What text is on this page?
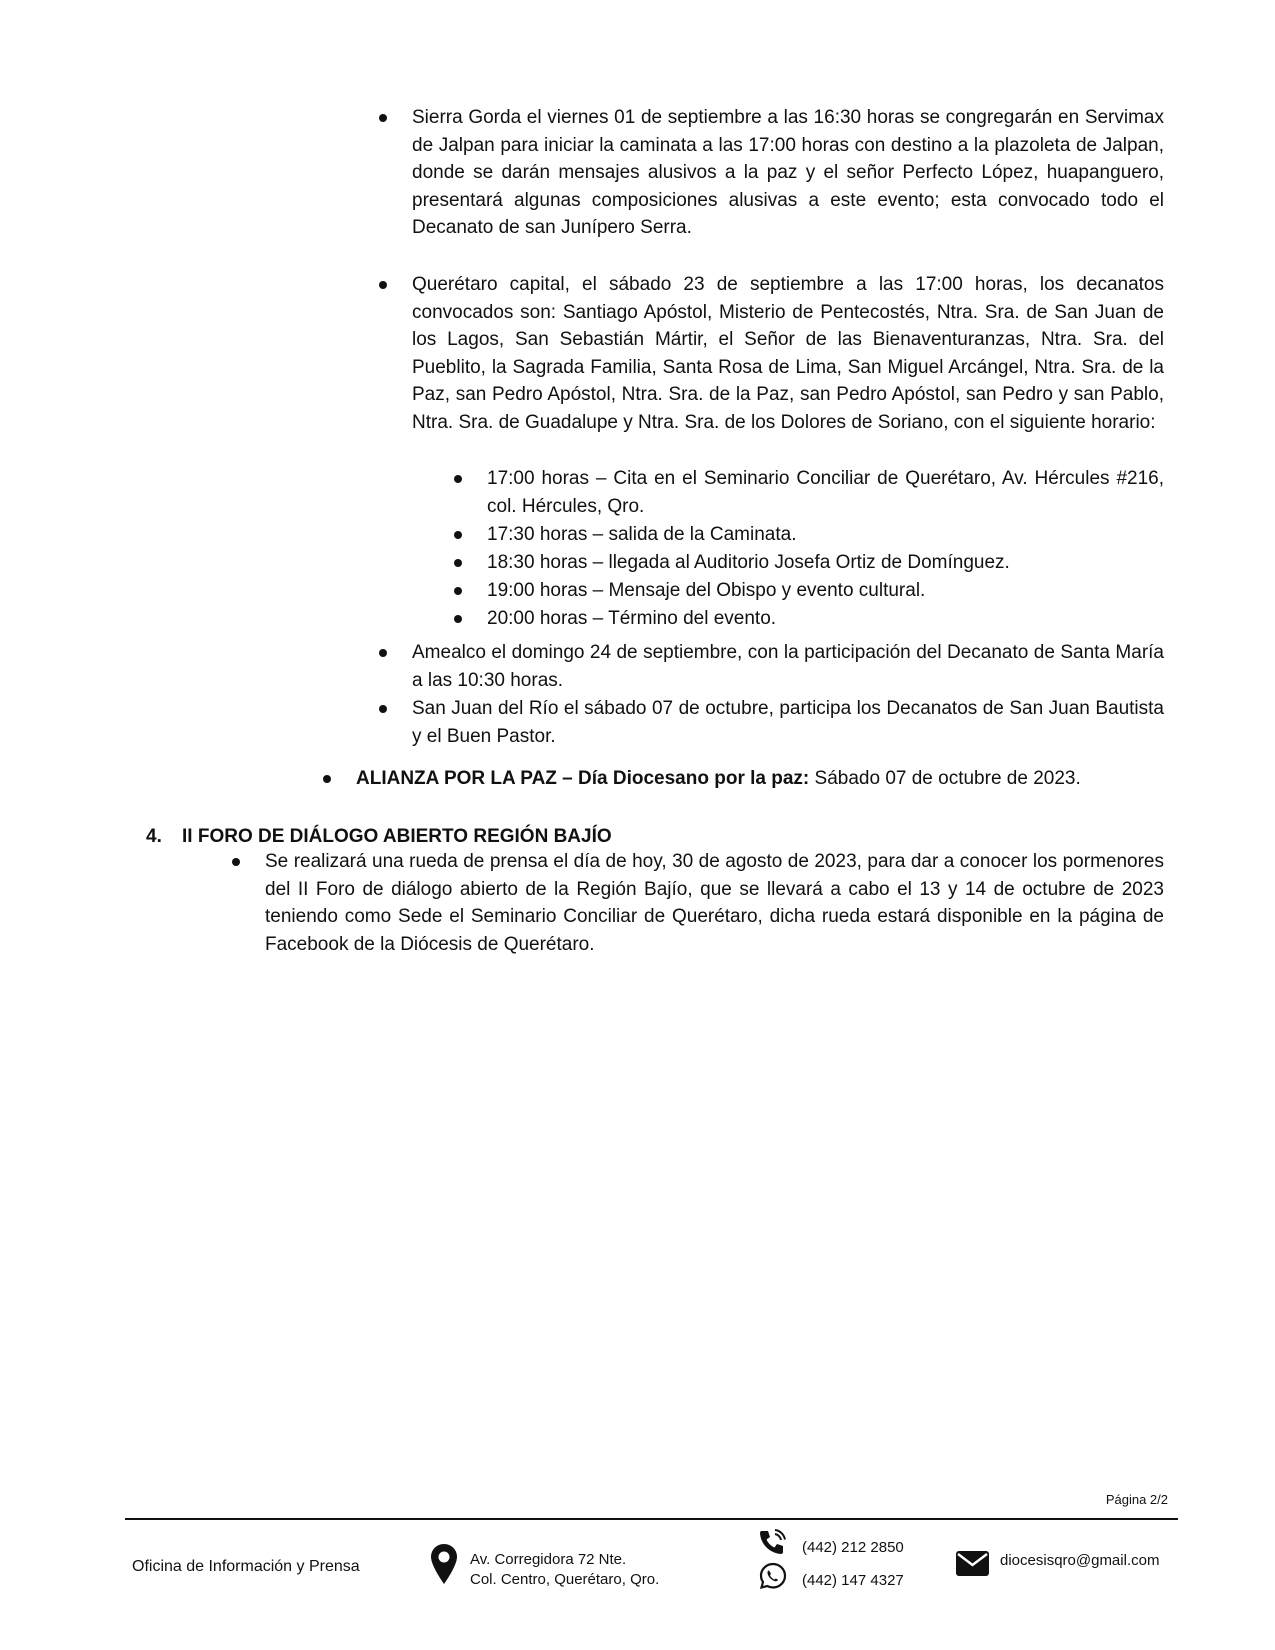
Sierra Gorda el viernes 01 de septiembre a las 16:30 horas se congregarán en Servimax de Jalpan para iniciar la caminata a las 17:00 horas con destino a la plazoleta de Jalpan, donde se darán mensajes alusivos a la paz y el señor Perfecto López, huapanguero, presentará algunas composiciones alusivas a este evento; esta convocado todo el Decanato de san Junípero Serra.

Querétaro capital, el sábado 23 de septiembre a las 17:00 horas, los decanatos convocados son: Santiago Apóstol, Misterio de Pentecostés, Ntra. Sra. de San Juan de los Lagos, San Sebastián Mártir, el Señor de las Bienaventuranzas, Ntra. Sra. del Pueblito, la Sagrada Familia, Santa Rosa de Lima, San Miguel Arcángel, Ntra. Sra. de la Paz, san Pedro Apóstol, Ntra. Sra. de la Paz, san Pedro Apóstol, san Pedro y san Pablo, Ntra. Sra. de Guadalupe y Ntra. Sra. de los Dolores de Soriano, con el siguiente horario:

17:00 horas – Cita en el Seminario Conciliar de Querétaro, Av. Hércules #216, col. Hércules, Qro.
17:30 horas – salida de la Caminata.
18:30 horas – llegada al Auditorio Josefa Ortiz de Domínguez.
19:00 horas – Mensaje del Obispo y evento cultural.
20:00 horas – Término del evento.

Amealco el domingo 24 de septiembre, con la participación del Decanato de Santa María a las 10:30 horas.

San Juan del Río el sábado 07 de octubre, participa los Decanatos de San Juan Bautista y el Buen Pastor.

ALIANZA POR LA PAZ – Día Diocesano por la paz: Sábado 07 de octubre de 2023.

4. II FORO DE DIÁLOGO ABIERTO REGIÓN BAJÍO

Se realizará una rueda de prensa el día de hoy, 30 de agosto de 2023, para dar a conocer los pormenores del II Foro de diálogo abierto de la Región Bajío, que se llevará a cabo el 13 y 14 de octubre de 2023 teniendo como Sede el Seminario Conciliar de Querétaro, dicha rueda estará disponible en la página de Facebook de la Diócesis de Querétaro.

Página 2/2
Oficina de Información y Prensa	Av. Corregidora 72 Nte.
Col. Centro, Querétaro, Qro.
(442) 212 2850
(442) 147 4327
diocesisqro@gmail.com
